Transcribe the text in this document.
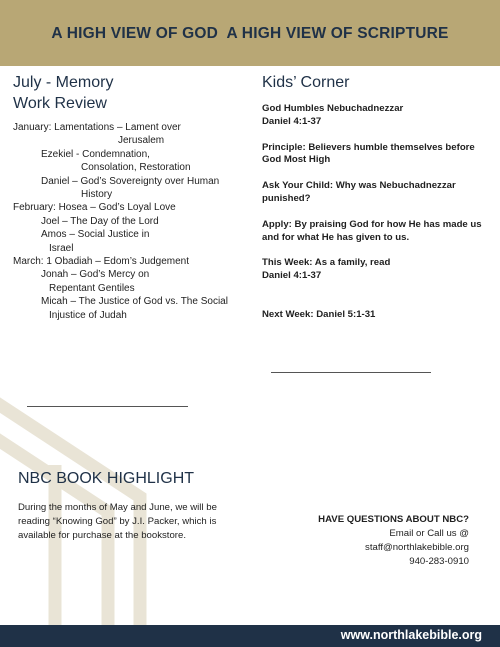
A HIGH VIEW OF GOD  A HIGH VIEW OF SCRIPTURE
July - Memory
Work Review
January: Lamentations – Lament over
Jerusalem
Ezekiel - Condemnation,
Consolation, Restoration
Daniel – God’s Sovereignty over Human
History
February: Hosea – God’s Loyal Love
Joel – The Day of the Lord
Amos – Social Justice in
Israel
March: 1 Obadiah – Edom’s Judgement
Jonah – God’s Mercy on
Repentant Gentiles
Micah – The Justice of God vs. The Social
Injustice of Judah
Kids’ Corner

God Humbles Nebuchadnezzar

Daniel 4:1-37

Principle: Believers humble themselves before God Most High

Ask Your Child: Why was Nebuchadnezzar punished?

Apply: By praising God for how He has made us and for what He has given to us.

This Week: As a family, read

Daniel 4:1-37

Next Week: Daniel 5:1-31

NBC BOOK HIGHLIGHT
During the months of May and June, we will be reading “Knowing God” by J.I. Packer, which is available for purchase at the bookstore.
HAVE QUESTIONS ABOUT NBC?
Email or Call us @
staff@northlakebible.org
940-283-0910
www.northlakebible.org
